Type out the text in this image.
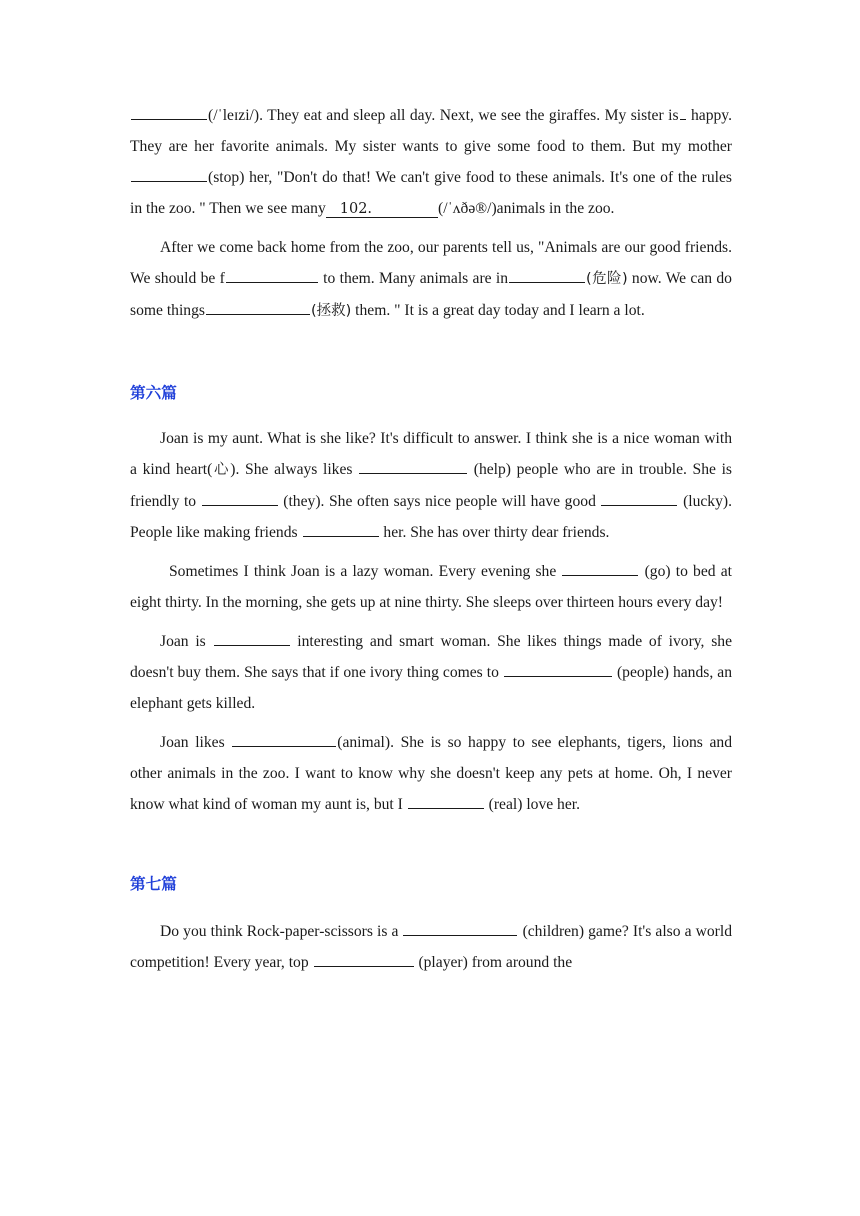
(/ˈleɪzi/). They eat and sleep all day. Next, we see the giraffes. My sister is happy. They are her favorite animals. My sister wants to give some food to them. But my mother(stop) her, "Don't do that! We can't give food to these animals. It's one of the rules in the zoo. " Then we see many 102.	(/ˈʌðə®/)animals in the zoo.

After we come back home from the zoo, our parents tell us, "Animals are our good friends. We should be f	to them. Many animals are in	(危险) now. We can do some things	(拯救) them. " It is a great day today and I learn a lot.

第六篇

Joan is my aunt. What is she like? It's difficult to answer. I think she is a nice woman with a kind heart(心). She always likes	(help) people who are in trouble. She is friendly to	(they). She often says nice people will have good	(lucky). People like making friends	her. She has over thirty dear friends.

Sometimes I think Joan is a lazy woman. Every evening she	(go) to bed at eight thirty. In the morning, she gets up at nine thirty. She sleeps over thirteen hours every day!

Joan is	interesting and smart woman. She likes things made of ivory, she doesn't buy them. She says that if one ivory thing comes to	(people) hands, an elephant gets killed.

Joan likes	(animal). She is so happy to see elephants, tigers, lions and other animals in the zoo. I want to know why she doesn't keep any pets at home. Oh, I never know what kind of woman my aunt is, but I	(real) love her.

第七篇

Do you think Rock-paper-scissors is a	(children) game? It's also a world competition! Every year, top	(player) from around the
